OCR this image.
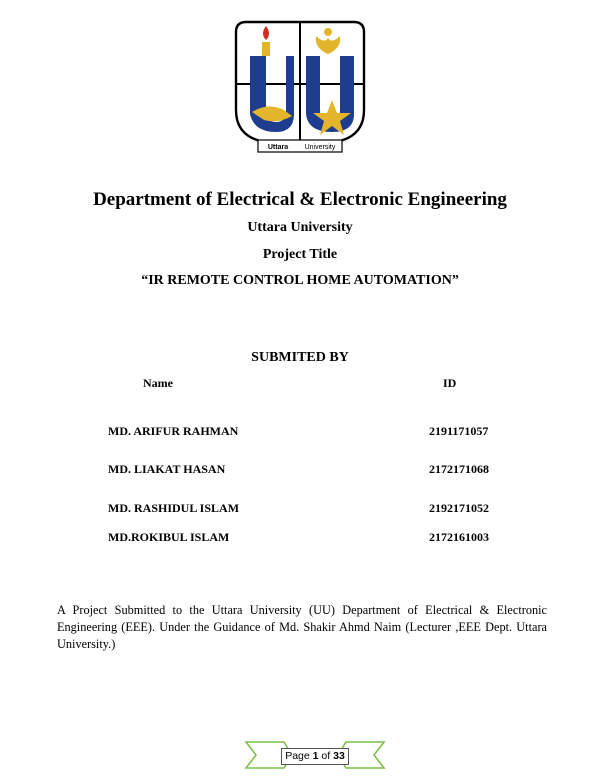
Uttara University
Department of Electrical & Electronic Engineering
Uttara University
Project Title
“IR REMOTE CONTROL HOME AUTOMATION”
SUBMITED BY
Name	ID
MD. ARIFUR RAHMAN	2191171057
MD. LIAKAT HASAN	2172171068
MD. RASHIDUL ISLAM	2192171052
MD.ROKIBUL ISLAM	2172161003
A Project Submitted to the Uttara University (UU) Department of Electrical & Electronic Engineering (EEE). Under the Guidance of Md. Shakir Ahmd Naim (Lecturer ,EEE Dept. Uttara University.)
Page 1 of 33
